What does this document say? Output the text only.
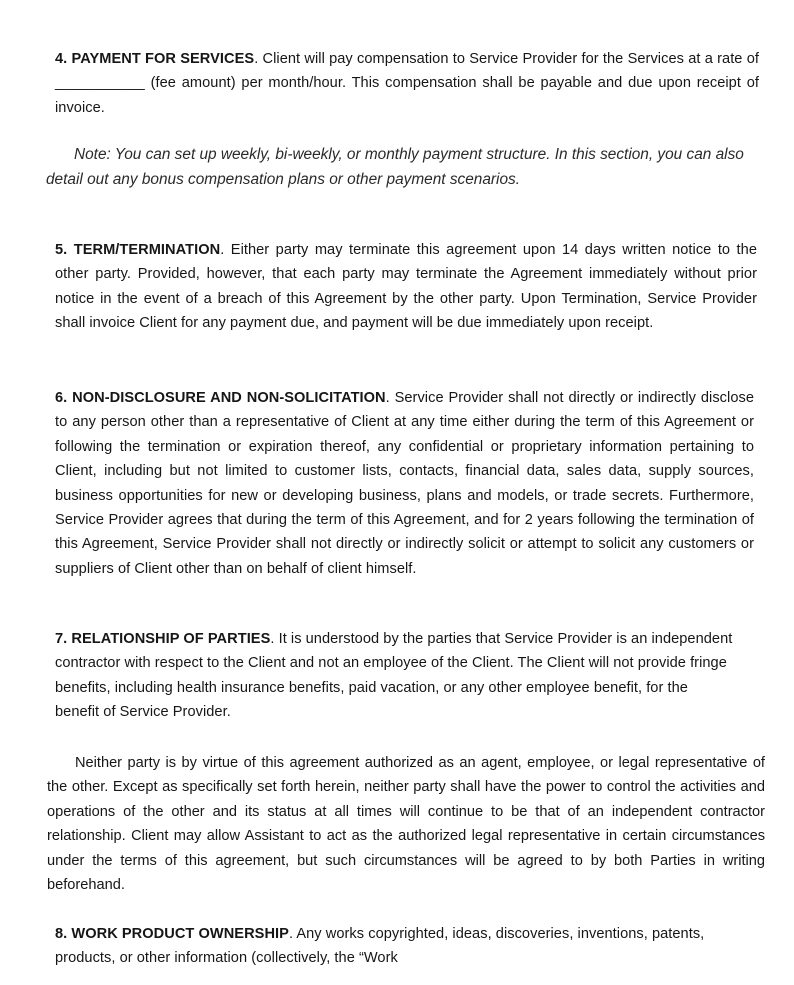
4. PAYMENT FOR SERVICES. Client will pay compensation to Service Provider for the Services at a rate of ___________ (fee amount) per month/hour. This compensation shall be payable and due upon receipt of invoice.

Note: You can set up weekly, bi-weekly, or monthly payment structure. In this section, you can also detail out any bonus compensation plans or other payment scenarios.

5. TERM/TERMINATION. Either party may terminate this agreement upon 14 days written notice to the other party. Provided, however, that each party may terminate the Agreement immediately without prior notice in the event of a breach of this Agreement by the other party. Upon Termination, Service Provider shall invoice Client for any payment due, and payment will be due immediately upon receipt.

6. NON-DISCLOSURE AND NON-SOLICITATION. Service Provider shall not directly or indirectly disclose to any person other than a representative of Client at any time either during the term of this Agreement or following the termination or expiration thereof, any confidential or proprietary information pertaining to Client, including but not limited to customer lists, contacts, financial data, sales data, supply sources, business opportunities for new or developing business, plans and models, or trade secrets. Furthermore, Service Provider agrees that during the term of this Agreement, and for 2 years following the termination of this Agreement, Service Provider shall not directly or indirectly solicit or attempt to solicit any customers or suppliers of Client other than on behalf of client himself.

7. RELATIONSHIP OF PARTIES. It is understood by the parties that Service Provider is an independent contractor with respect to the Client and not an employee of the Client. The Client will not provide fringe benefits, including health insurance benefits, paid vacation, or any other employee benefit, for the benefit of Service Provider.

Neither party is by virtue of this agreement authorized as an agent, employee, or legal representative of the other. Except as specifically set forth herein, neither party shall have the power to control the activities and operations of the other and its status at all times will continue to be that of an independent contractor relationship. Client may allow Assistant to act as the authorized legal representative in certain circumstances under the terms of this agreement, but such circumstances will be agreed to by both Parties in writing beforehand.

8. WORK PRODUCT OWNERSHIP. Any works copyrighted, ideas, discoveries, inventions, patents, products, or other information (collectively, the “Work
